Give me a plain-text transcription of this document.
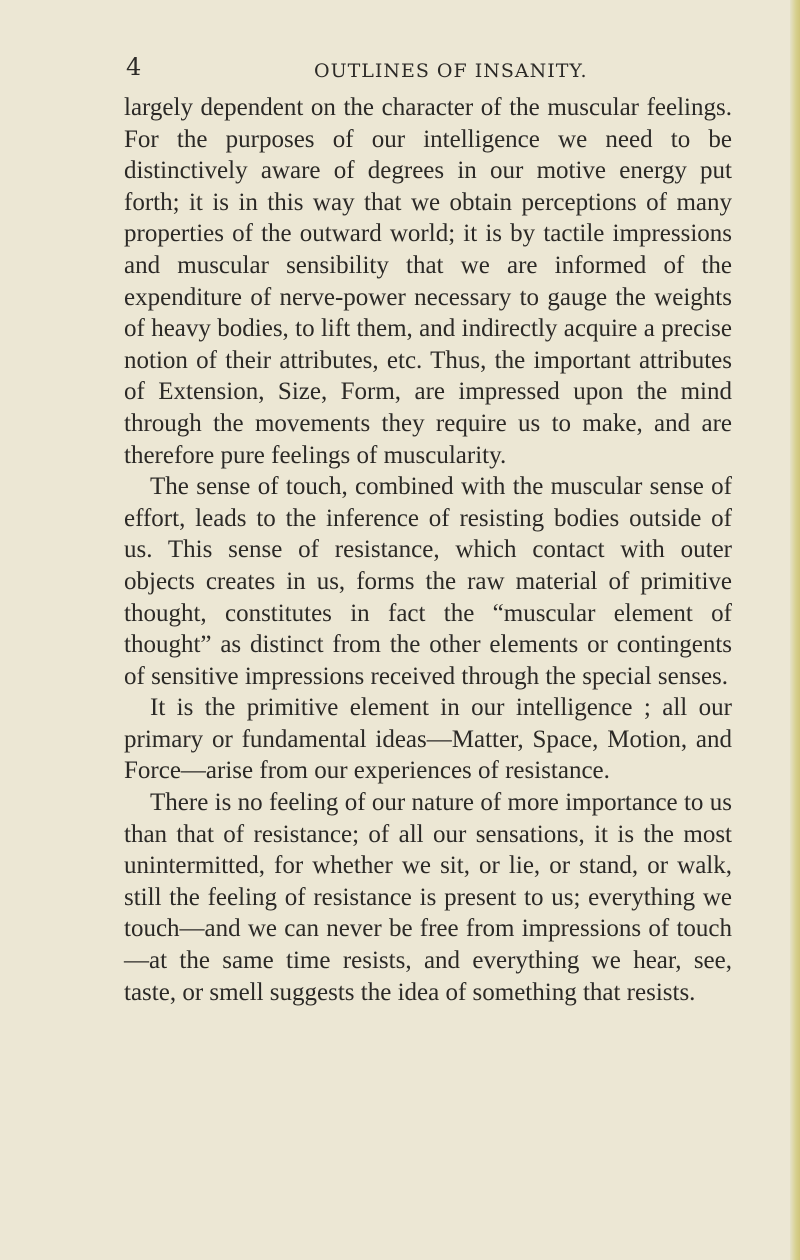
4	OUTLINES OF INSANITY.

largely dependent on the character of the muscular feelings. For the purposes of our intelligence we need to be distinctively aware of degrees in our motive energy put forth; it is in this way that we obtain perceptions of many properties of the outward world; it is by tactile impressions and muscular sensibility that we are informed of the expenditure of nerve-power necessary to gauge the weights of heavy bodies, to lift them, and indirectly acquire a precise notion of their attributes, etc. Thus, the important attributes of Extension, Size, Form, are impressed upon the mind through the movements they require us to make, and are therefore pure feelings of muscularity.

The sense of touch, combined with the muscular sense of effort, leads to the inference of resisting bodies outside of us. This sense of resistance, which contact with outer objects creates in us, forms the raw material of primitive thought, constitutes in fact the “muscular element of thought” as distinct from the other elements or contingents of sensitive impressions received through the special senses.

It is the primitive element in our intelligence ; all our primary or fundamental ideas—Matter, Space, Motion, and Force—arise from our experiences of resistance.

There is no feeling of our nature of more importance to us than that of resistance; of all our sensations, it is the most unintermitted, for whether we sit, or lie, or stand, or walk, still the feeling of resistance is present to us; everything we touch—and we can never be free from impressions of touch—at the same time resists, and everything we hear, see, taste, or smell suggests the idea of something that resists.
